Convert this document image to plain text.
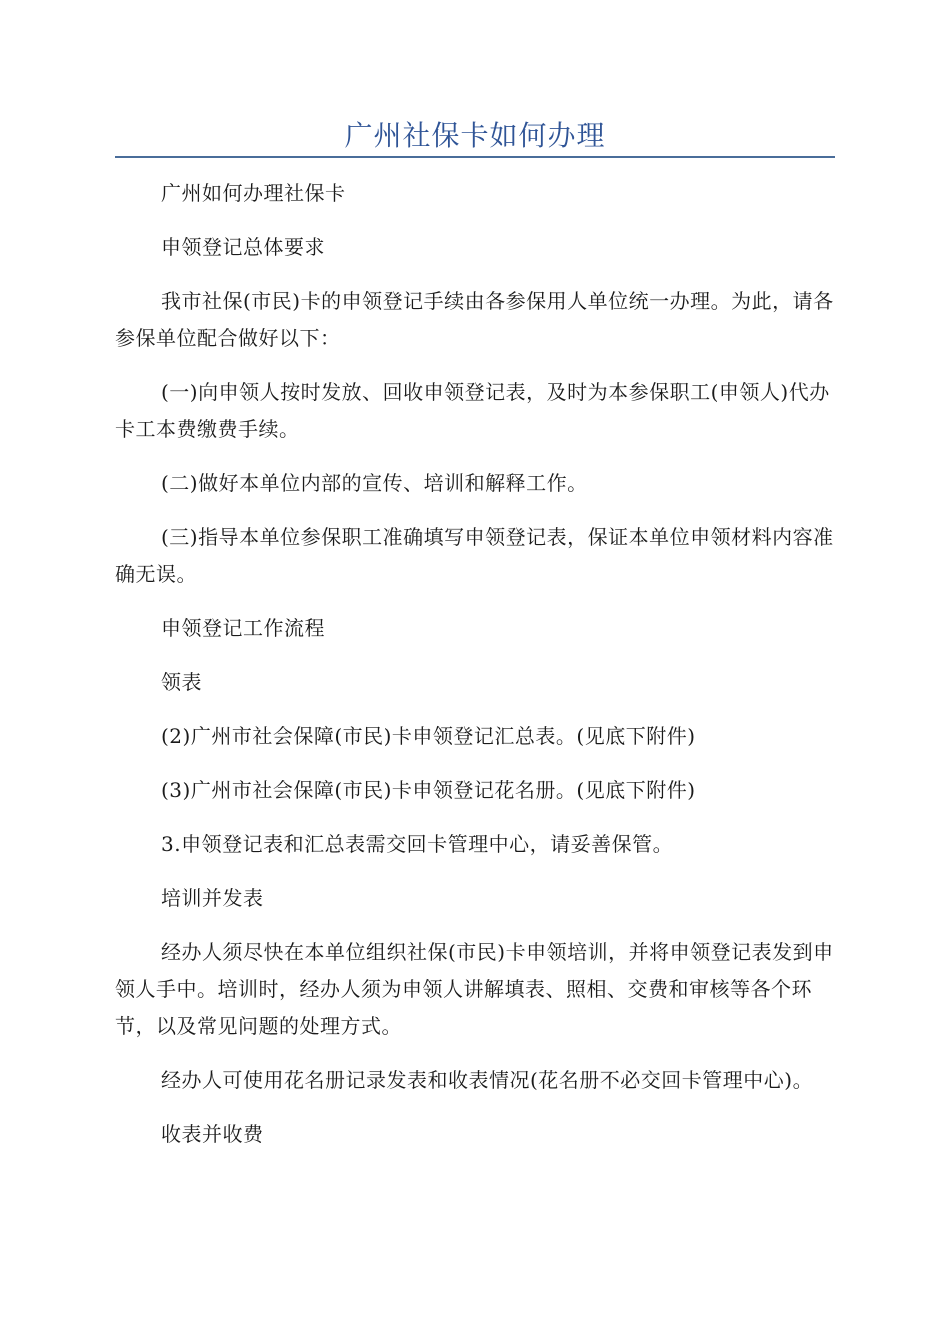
广州社保卡如何办理

广州如何办理社保卡

申领登记总体要求

我市社保(市民)卡的申领登记手续由各参保用人单位统一办理。为此，请各参保单位配合做好以下：

(一)向申领人按时发放、回收申领登记表，及时为本参保职工(申领人)代办卡工本费缴费手续。

(二)做好本单位内部的宣传、培训和解释工作。

(三)指导本单位参保职工准确填写申领登记表，保证本单位申领材料内容准确无误。

申领登记工作流程

领表

(2)广州市社会保障(市民)卡申领登记汇总表。(见底下附件)

(3)广州市社会保障(市民)卡申领登记花名册。(见底下附件)

3.申领登记表和汇总表需交回卡管理中心，请妥善保管。

培训并发表

经办人须尽快在本单位组织社保(市民)卡申领培训，并将申领登记表发到申领人手中。培训时，经办人须为申领人讲解填表、照相、交费和审核等各个环节，以及常见问题的处理方式。

经办人可使用花名册记录发表和收表情况(花名册不必交回卡管理中心)。

收表并收费
